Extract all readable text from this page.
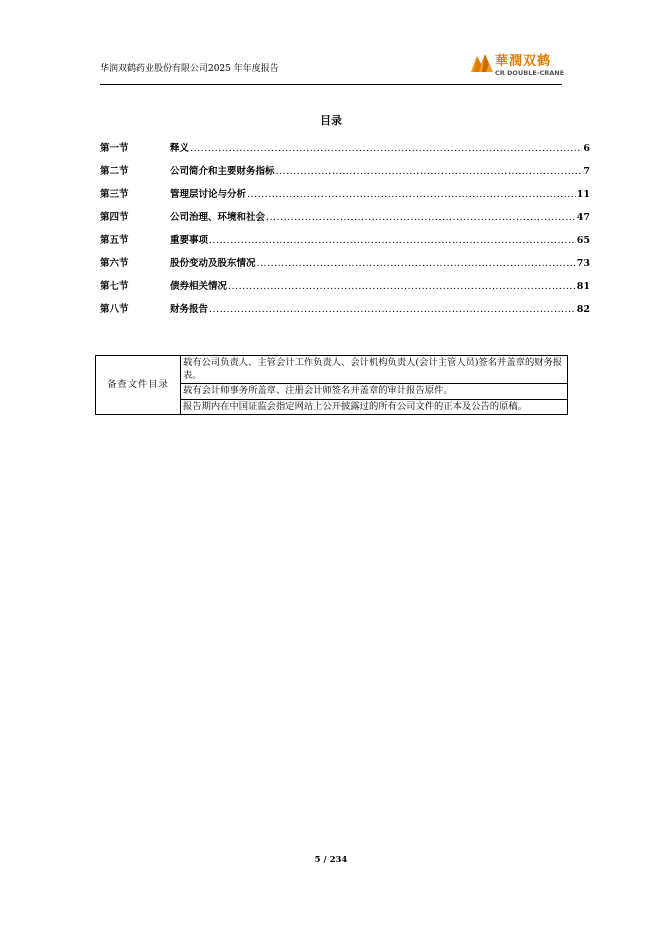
华润双鹤药业股份有限公司2025 年年度报告	華潤双鹤
CR DOUBLE-CRANE
目录
第一节	释义 .....	6
第二节	公司简介和主要财务指标 .....	7
第三节	管理层讨论与分析 .....	11
第四节	公司治理、环境和社会 .....	47
第五节	重要事项 .....	65
第六节	股份变动及股东情况 .....	73
第七节	债券相关情况 .....	81
第八节	财务报告 .....	82
备查文件目录	载有公司负责人、主管会计工作负责人、会计机构负责人(会计主管人员)签名并盖章的财务报表。
载有会计师事务所盖章、注册会计师签名并盖章的审计报告原件。
报告期内在中国证监会指定网站上公开披露过的所有公司文件的正本及公告的原稿。
5 / 234
